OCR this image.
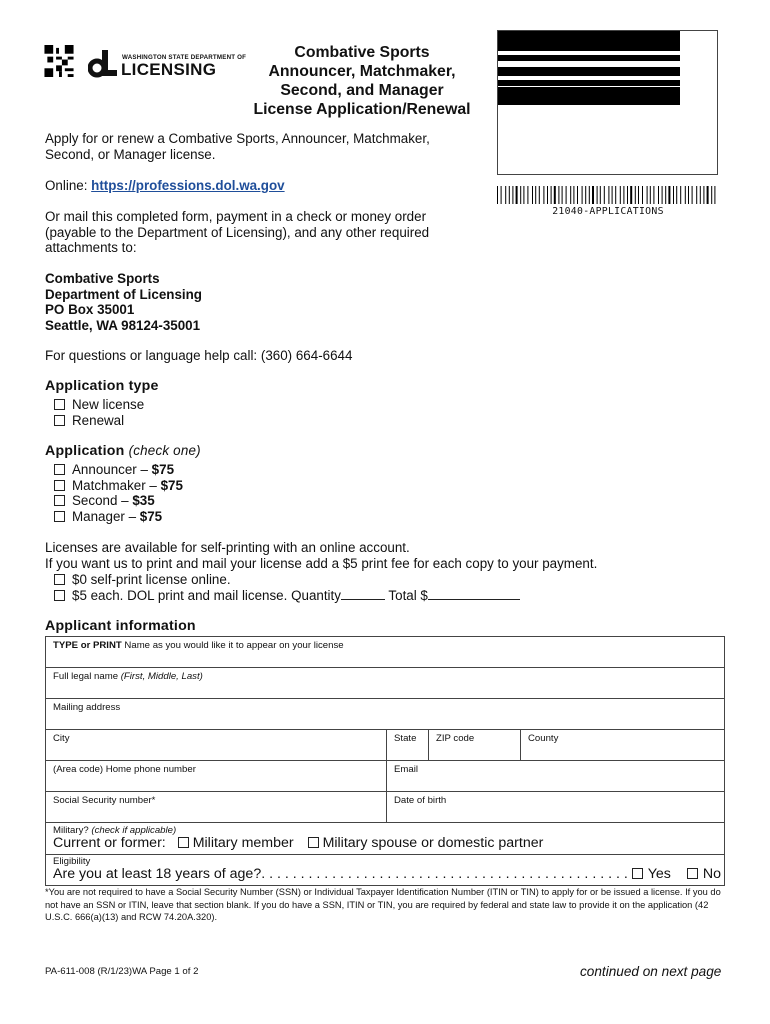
WASHINGTON STATE DEPARTMENT OF
LICENSING
Combative Sports
Announcer, Matchmaker,
Second, and Manager
License Application/Renewal
21040-APPLICATIONS
Apply for or renew a Combative Sports, Announcer, Matchmaker,
Second, or Manager license.
Online: https://professions.dol.wa.gov
Or mail this completed form, payment in a check or money order
(payable to the Department of Licensing), and any other required
attachments to:
Combative Sports
Department of Licensing
PO Box 35001
Seattle, WA 98124-35001
For questions or language help call: (360) 664-6644
Application type
New license
Renewal
Application (check one)
Announcer – $75
Matchmaker – $75
Second – $35
Manager – $75
Licenses are available for self-printing with an online account.
If you want us to print and mail your license add a $5 print fee for each copy to your payment.
$0 self-print license online.
$5 each. DOL print and mail license. Quantity	Total $
Applicant information
TYPE or PRINT Name as you would like it to appear on your license
Full legal name (First, Middle, Last)
Mailing address
City	State	ZIP code	County
(Area code) Home phone number	Email
Social Security number*	Date of birth
Military? (check if applicable)
Current or former: Military member Military spouse or domestic partner
Eligibility
Are you at least 18 years of age?. . . . . . . . . . . . . . . . . . . . . . . . . . . . . . . . . . . . . . . . . . . . . . . Yes No
*You are not required to have a Social Security Number (SSN) or Individual Taxpayer Identification Number (ITIN or TIN) to apply for or be issued a license. If you do not have an SSN or ITIN, leave that section blank. If you do have a SSN, ITIN or TIN, you are required by federal and state law to provide it on the application (42 U.S.C. 666(a)(13) and RCW 74.20A.320).
PA-611-008 (R/1/23)WA Page 1 of 2	continued on next page
